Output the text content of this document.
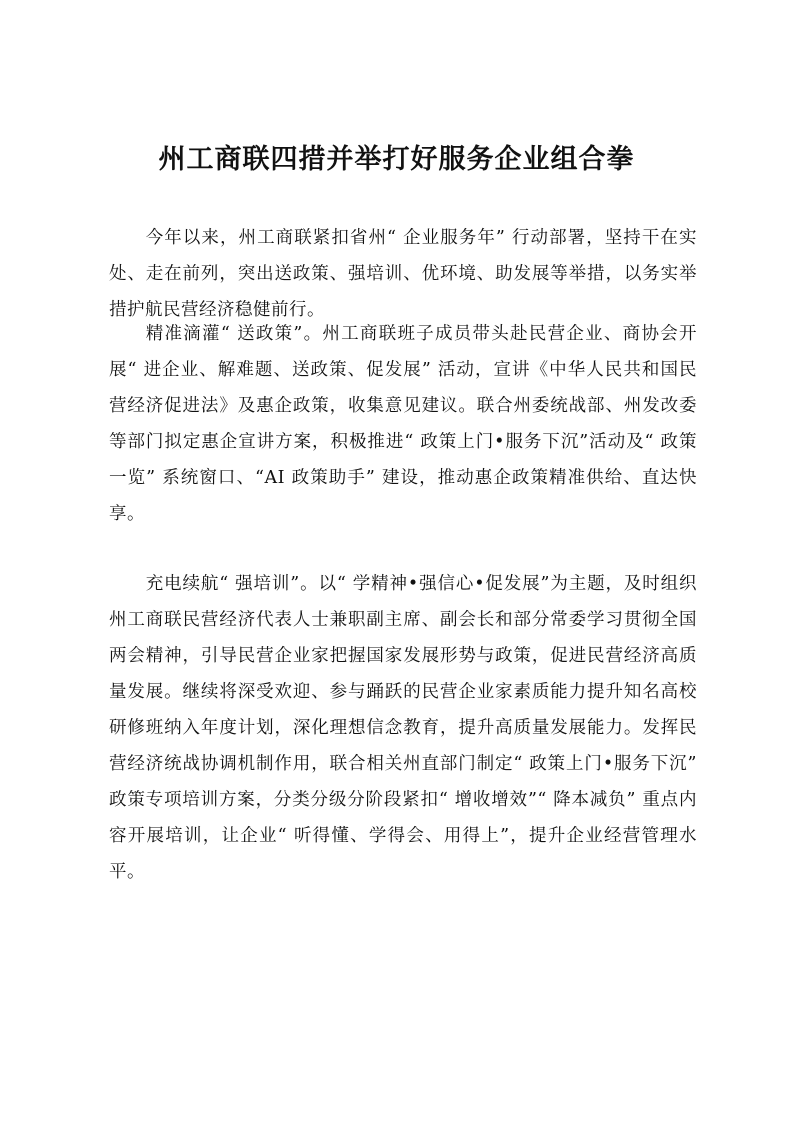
州工商联四措并举打好服务企业组合拳

今年以来，州工商联紧扣省州“ 企业服务年” 行动部署，坚持干在实处、走在前列，突出送政策、强培训、优环境、助发展等举措，以务实举措护航民营经济稳健前行。

精准滴灌“ 送政策”。州工商联班子成员带头赴民营企业、商协会开展“ 进企业、解难题、送政策、促发展” 活动，宣讲《中华人民共和国民营经济促进法》及惠企政策，收集意见建议。联合州委统战部、州发改委等部门拟定惠企宣讲方案，积极推进“ 政策上门•服务下沉”活动及“ 政策一览” 系统窗口、“AI 政策助手” 建设，推动惠企政策精准供给、直达快享。

充电续航“ 强培训”。以“ 学精神•强信心•促发展”为主题，及时组织州工商联民营经济代表人士兼职副主席、副会长和部分常委学习贯彻全国两会精神，引导民营企业家把握国家发展形势与政策，促进民营经济高质量发展。继续将深受欢迎、参与踊跃的民营企业家素质能力提升知名高校研修班纳入年度计划，深化理想信念教育，提升高质量发展能力。发挥民营经济统战协调机制作用，联合相关州直部门制定“ 政策上门•服务下沉” 政策专项培训方案，分类分级分阶段紧扣“ 增收增效”“ 降本减负” 重点内容开展培训，让企业“ 听得懂、学得会、用得上”，提升企业经营管理水平。
